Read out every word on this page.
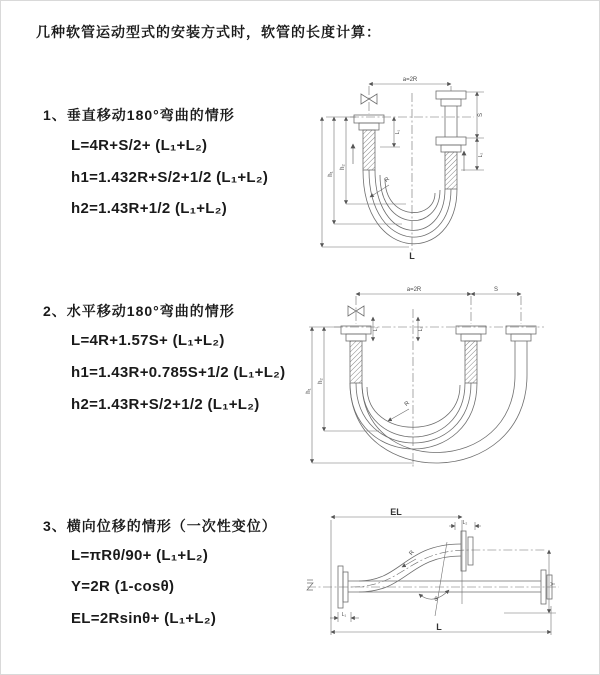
几种软管运动型式的安装方式时，软管的长度计算：
1、垂直移动180°弯曲的情形
L=4R+S/2+ (L₁+L₂)
h1=1.432R+S/2+1/2 (L₁+L₂)
h2=1.43R+1/2 (L₁+L₂)
2、水平移动180°弯曲的情形
L=4R+1.57S+ (L₁+L₂)
h1=1.43R+0.785S+1/2 (L₁+L₂)
h2=1.43R+S/2+1/2 (L₁+L₂)
3、横向位移的情形（一次性变位）
L=πRθ/90+ (L₁+L₂)
Y=2R (1-cosθ)
EL=2Rsinθ+ (L₁+L₂)
a=2R
S
L₂
L₁
h₁
h₂
R
L
a=2R	S
L₁	L₂
h₁
h₂
R
EL
L₂
Y
R
θ
L
L₁
